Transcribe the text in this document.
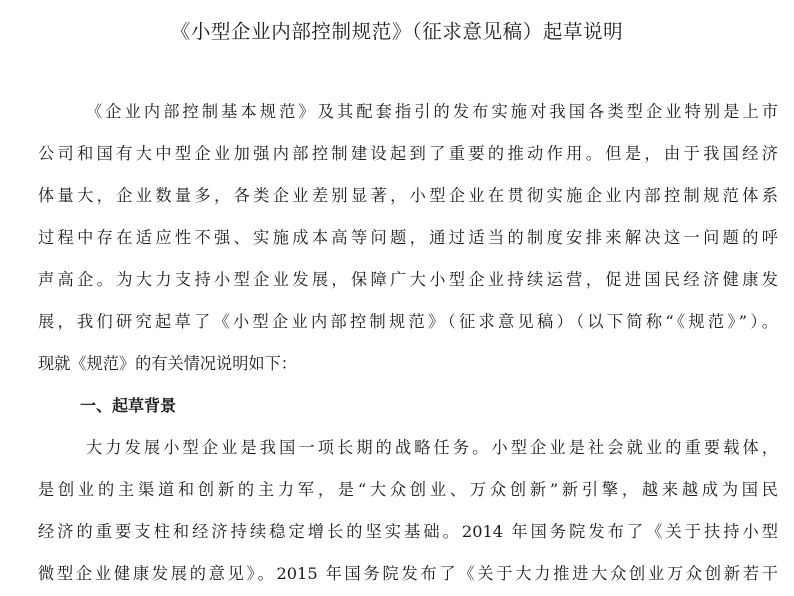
《小型企业内部控制规范》（征求意见稿）起草说明
《企业内部控制基本规范》及其配套指引的发布实施对我国各类型企业特别是上市
公司和国有大中型企业加强内部控制建设起到了重要的推动作用。但是，由于我国经济
体量大，企业数量多，各类企业差别显著，小型企业在贯彻实施企业内部控制规范体系
过程中存在适应性不强、实施成本高等问题，通过适当的制度安排来解决这一问题的呼
声高企。为大力支持小型企业发展，保障广大小型企业持续运营，促进国民经济健康发
展，我们研究起草了《小型企业内部控制规范》（征求意见稿）（以下简称“《规范》”）。
现就《规范》的有关情况说明如下：
一、起草背景
大力发展小型企业是我国一项长期的战略任务。小型企业是社会就业的重要载体，
是创业的主渠道和创新的主力军，是“大众创业、万众创新”新引擎，越来越成为国民
经济的重要支柱和经济持续稳定增长的坚实基础。2014 年国务院发布了《关于扶持小型
微型企业健康发展的意见》。2015 年国务院发布了《关于大力推进大众创业万众创新若干
